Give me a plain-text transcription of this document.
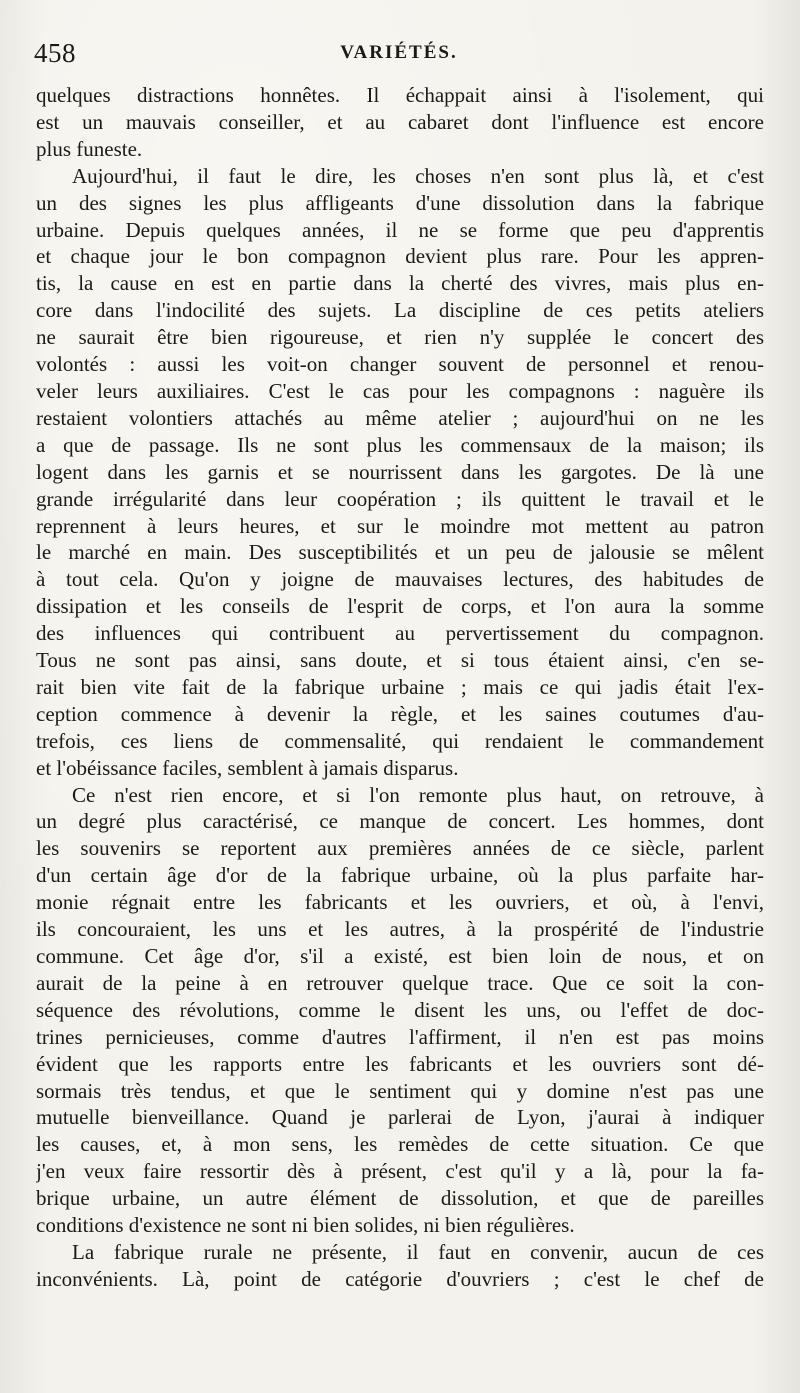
458	VARIÉTÉS.

quelques distractions honnêtes. Il échappait ainsi à l'isolement, qui
est un mauvais conseiller, et au cabaret dont l'influence est encore
plus funeste.

Aujourd'hui, il faut le dire, les choses n'en sont plus là, et c'est
un des signes les plus affligeants d'une dissolution dans la fabrique
urbaine. Depuis quelques années, il ne se forme que peu d'apprentis
et chaque jour le bon compagnon devient plus rare. Pour les appren-
tis, la cause en est en partie dans la cherté des vivres, mais plus en-
core dans l'indocilité des sujets. La discipline de ces petits ateliers
ne saurait être bien rigoureuse, et rien n'y supplée le concert des
volontés : aussi les voit-on changer souvent de personnel et renou-
veler leurs auxiliaires. C'est le cas pour les compagnons : naguère ils
restaient volontiers attachés au même atelier ; aujourd'hui on ne les
a que de passage. Ils ne sont plus les commensaux de la maison; ils
logent dans les garnis et se nourrissent dans les gargotes. De là une
grande irrégularité dans leur coopération ; ils quittent le travail et le
reprennent à leurs heures, et sur le moindre mot mettent au patron
le marché en main. Des susceptibilités et un peu de jalousie se mêlent
à tout cela. Qu'on y joigne de mauvaises lectures, des habitudes de
dissipation et les conseils de l'esprit de corps, et l'on aura la somme
des influences qui contribuent au pervertissement du compagnon.
Tous ne sont pas ainsi, sans doute, et si tous étaient ainsi, c'en se-
rait bien vite fait de la fabrique urbaine ; mais ce qui jadis était l'ex-
ception commence à devenir la règle, et les saines coutumes d'au-
trefois, ces liens de commensalité, qui rendaient le commandement
et l'obéissance faciles, semblent à jamais disparus.

Ce n'est rien encore, et si l'on remonte plus haut, on retrouve, à
un degré plus caractérisé, ce manque de concert. Les hommes, dont
les souvenirs se reportent aux premières années de ce siècle, parlent
d'un certain âge d'or de la fabrique urbaine, où la plus parfaite har-
monie régnait entre les fabricants et les ouvriers, et où, à l'envi,
ils concouraient, les uns et les autres, à la prospérité de l'industrie
commune. Cet âge d'or, s'il a existé, est bien loin de nous, et on
aurait de la peine à en retrouver quelque trace. Que ce soit la con-
séquence des révolutions, comme le disent les uns, ou l'effet de doc-
trines pernicieuses, comme d'autres l'affirment, il n'en est pas moins
évident que les rapports entre les fabricants et les ouvriers sont dé-
sormais très tendus, et que le sentiment qui y domine n'est pas une
mutuelle bienveillance. Quand je parlerai de Lyon, j'aurai à indiquer
les causes, et, à mon sens, les remèdes de cette situation. Ce que
j'en veux faire ressortir dès à présent, c'est qu'il y a là, pour la fa-
brique urbaine, un autre élément de dissolution, et que de pareilles
conditions d'existence ne sont ni bien solides, ni bien régulières.

La fabrique rurale ne présente, il faut en convenir, aucun de ces
inconvénients. Là, point de catégorie d'ouvriers ; c'est le chef de
